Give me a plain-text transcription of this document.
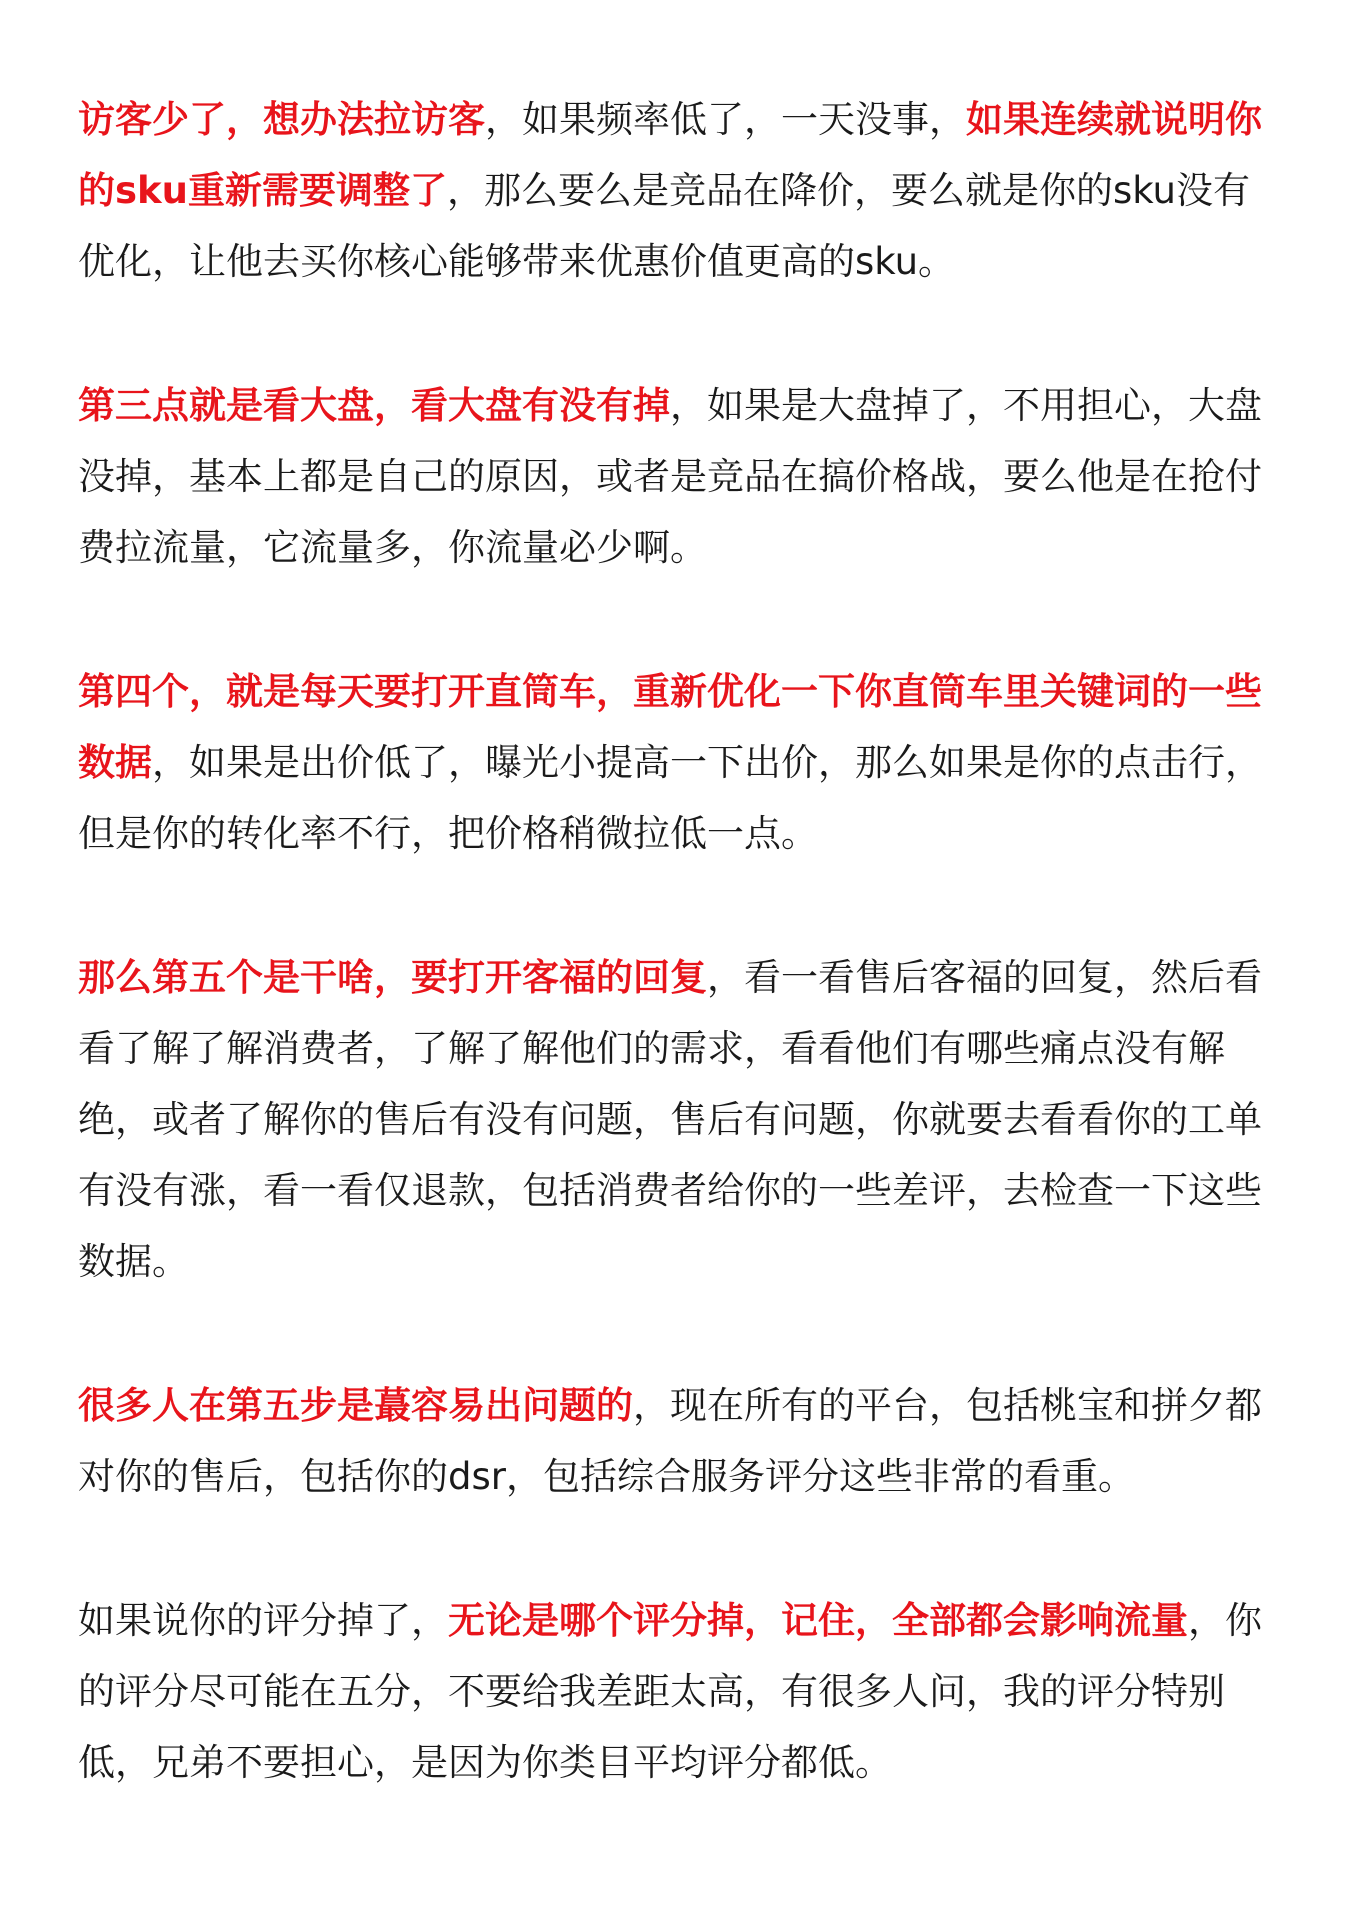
访客少了，想办法拉访客，如果频率低了，一天没事，如果连续就说明你的sku重新需要调整了，那么要么是竞品在降价，要么就是你的sku没有优化，让他去买你核心能够带来优惠价值更高的sku。

第三点就是看大盘，看大盘有没有掉，如果是大盘掉了，不用担心，大盘没掉，基本上都是自己的原因，或者是竞品在搞价格战，要么他是在抢付费拉流量，它流量多，你流量必少啊。

第四个，就是每天要打开直筒车，重新优化一下你直筒车里关键词的一些数据，如果是出价低了，曝光小提高一下出价，那么如果是你的点击行，但是你的转化率不行，把价格稍微拉低一点。

那么第五个是干啥，要打开客福的回复，看一看售后客福的回复，然后看看了解了解消费者，了解了解他们的需求，看看他们有哪些痛点没有解绝，或者了解你的售后有没有问题，售后有问题，你就要去看看你的工单有没有涨，看一看仅退款，包括消费者给你的一些差评，去检查一下这些数据。

很多人在第五步是蕞容易出问题的，现在所有的平台，包括桃宝和拼夕都对你的售后，包括你的dsr，包括综合服务评分这些非常的看重。

如果说你的评分掉了，无论是哪个评分掉，记住，全部都会影响流量，你的评分尽可能在五分，不要给我差距太高，有很多人问，我的评分特别低，兄弟不要担心，是因为你类目平均评分都低。
